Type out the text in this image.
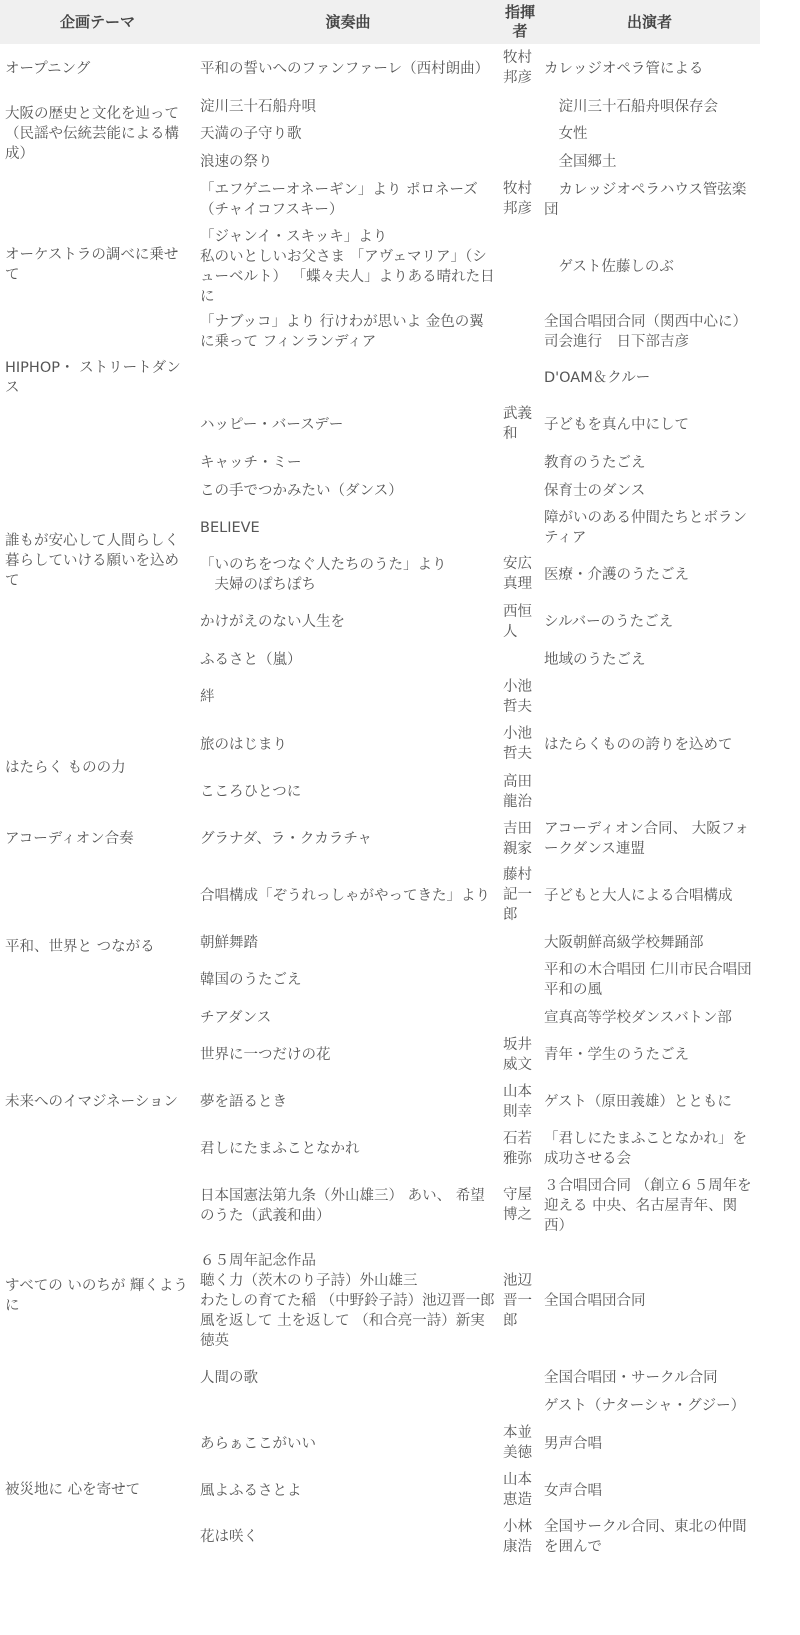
企画テーマ	演奏曲	指揮者	出演者

オープニング	平和の誓いへのファンファーレ（西村朗曲）	牧村邦彦	カレッジオペラ管による

大阪の歴史と文化を辿って（民謡や伝統芸能による構成）	淀川三十石船舟唄		　淀川三十石船舟唄保存会

	天満の子守り歌		　女性

	浪速の祭り		　全国郷土

オーケストラの調べに乗せて	「エフゲニーオネーギン」より ポロネーズ（チャイコフスキー）	牧村邦彦	　カレッジオペラハウス管弦楽団

	「ジャンイ・スキッキ」より
私のいとしいお父さま 「アヴェマリア」（シューベルト） 「蝶々夫人」よりある晴れた日に		　ゲスト佐藤しのぶ

	「ナブッコ」より 行けわが思いよ 金色の翼に乗って フィンランディア		全国合唱団合同（関西中心に）
司会進行　日下部吉彦

HIPHOP・ ストリートダンス			D'OAM＆クルー

誰もが安心して人間らしく暮らしていける願いを込めて	ハッピー・バースデー	武義和	子どもを真ん中にして

	キャッチ・ミー		教育のうたごえ

	この手でつかみたい（ダンス）		保育士のダンス

	BELIEVE		障がいのある仲間たちとボランティア

	「いのちをつなぐ人たちのうた」より
　夫婦のぽちぽち	安広真理	医療・介護のうたごえ

	かけがえのない人生を	西恒人	シルバーのうたごえ

	ふるさと（嵐）		地域のうたごえ

	絆	小池哲夫	

はたらく ものの力	旅のはじまり	小池哲夫	はたらくものの誇りを込めて

	こころひとつに	高田龍治	

アコーディオン合奏	グラナダ、ラ・クカラチャ	吉田親家	アコーディオン合同、 大阪フォークダンス連盟

平和、世界と つながる	合唱構成「ぞうれっしゃがやってきた」より	藤村記一郎	子どもと大人による合唱構成

	朝鮮舞踏		大阪朝鮮高級学校舞踊部

	韓国のうたごえ		平和の木合唱団 仁川市民合唱団平和の風

	チアダンス		宣真高等学校ダンスバトン部

未来へのイマジネーション	世界に一つだけの花	坂井威文	青年・学生のうたごえ

	夢を語るとき	山本則幸	ゲスト（原田義雄）とともに

	君しにたまふことなかれ	石若雅弥	「君しにたまふことなかれ」を成功させる会

すべての いのちが 輝くように	日本国憲法第九条（外山雄三） あい、 希望のうた（武義和曲）	守屋博之	３合唱団合同 （創立６５周年を迎える 中央、名古屋青年、関西）

	６５周年記念作品
聴く力（茨木のり子詩）外山雄三
わたしの育てた稲 （中野鈴子詩）池辺晋一郎
風を返して 土を返して （和合亮一詩）新実徳英	池辺晋一郎	全国合唱団合同

	人間の歌		全国合唱団・サークル合同

			ゲスト（ナターシャ・グジー）

被災地に 心を寄せて	あらぁここがいい	本並美徳	男声合唱

	風よふるさとよ	山本恵造	女声合唱

	花は咲く	小林康浩	全国サークル合同、東北の仲間を囲んで
